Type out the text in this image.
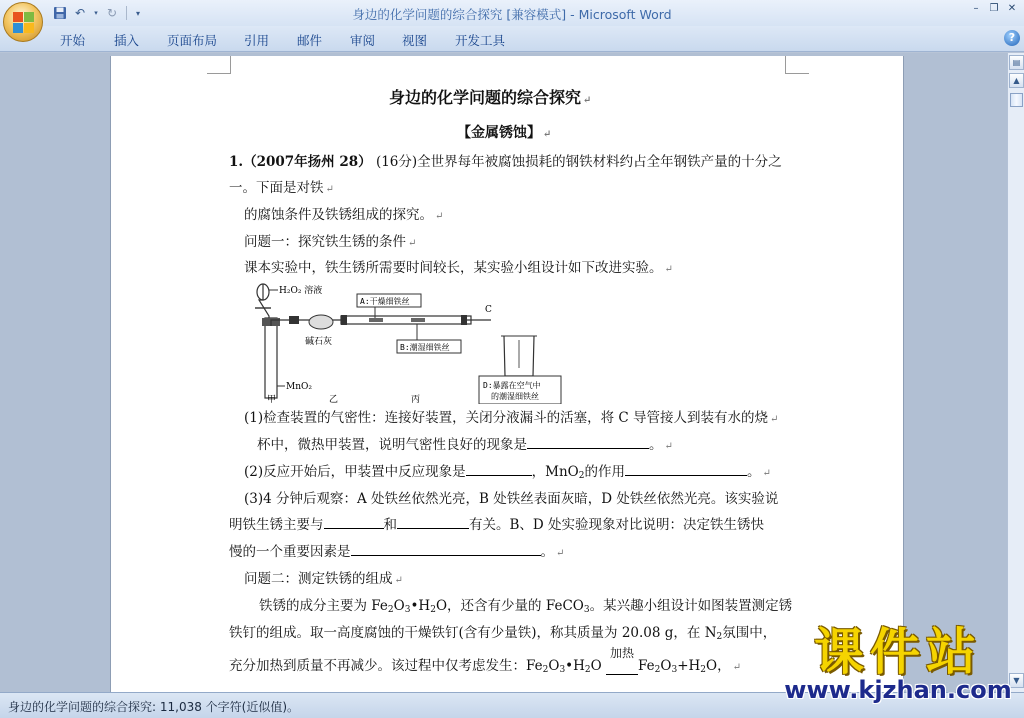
↶	▾ ↻	▾	身边的化学问题的综合探究 [兼容模式] - Microsoft Word	–	❐ ✕
开始 插入 页面布局 引用 邮件 审阅 视图 开发工具	?
身边的化学问题的综合探究 ↵
【金属锈蚀】 ↵
1.（2007年扬州 28） (16分)全世界每年被腐蚀损耗的钢铁材料约占全年钢铁产量的十分之
一。下面是对铁 ↵
的腐蚀条件及铁锈组成的探究。 ↵
问题一：探究铁生锈的条件 ↵
课本实验中，铁生锈所需要时间较长，某实验小组设计如下改进实验。 ↵
(1)检查装置的气密性：连接好装置，关闭分液漏斗的活塞，将 C 导管接人到装有水的烧 ↵
杯中，微热甲装置，说明气密性良好的现象是	。 ↵
(2)反应开始后，甲装置中反应现象是	，MnO$_2$的作用	。 ↵
(3)4 分钟后观察：A 处铁丝依然光亮，B 处铁丝表面灰暗，D 处铁丝依然光亮。该实验说
明铁生锈主要与	和	有关。B、D 处实验现象对比说明：决定铁生锈快
慢的一个重要因素是	。 ↵
问题二：测定铁锈的组成 ↵
铁锈的成分主要为 $Fe_2O_3•H_2O$，还含有少量的 FeCO$_3$。某兴趣小组设计如图装置测定锈
铁钉的组成。取一高度腐蚀的干燥铁钉(含有少量铁)，称其质量为 20.08 g，在 $N_2$氛围中，
充分加热到质量不再减少。该过程中仅考虑发生：$Fe_2O_3•H_2O$
加热
$Fe_2O_3+H_2O$， ↵
H₂O₂ 溶液
MnO₂
甲
碱石灰
乙
C
丙
A:干燥细铁丝
B:潮湿细铁丝
D:暴露在空气中
的潮湿细铁丝
▤
▲
▼
身边的化学问题的综合探究: 11,038 个字符(近似值)。
课件站
www.kjzhan.com
